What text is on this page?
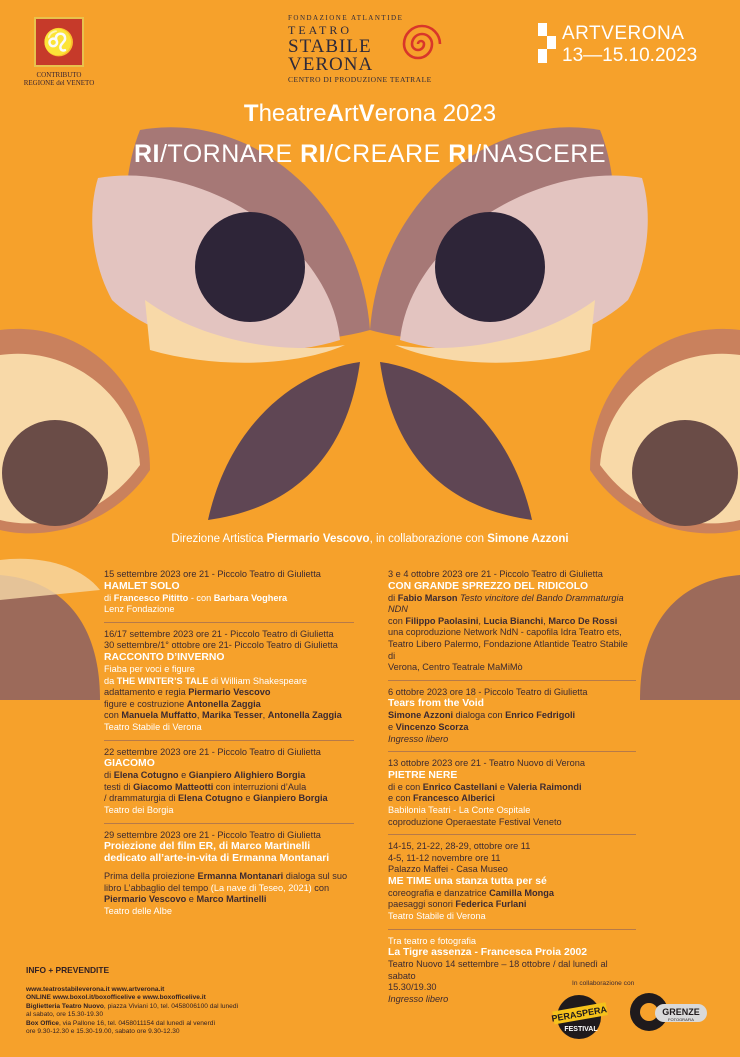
♌
CONTRIBUTO
REGIONE del VENETO
FONDAZIONE ATLANTIDE
TEATRO
STABILE
VERONA
CENTRO DI PRODUZIONE TEATRALE
ARTVERONA
13—15.10.2023
TheatreArtVerona 2023
RI/TORNARE RI/CREARE RI/NASCERE
Direzione Artistica Piermario Vescovo, in collaborazione con Simone Azzoni
15 settembre 2023 ore 21 - Piccolo Teatro di Giulietta
HAMLET SOLO
di Francesco Pititto - con Barbara Voghera
Lenz Fondazione
16/17 settembre 2023 ore 21 - Piccolo Teatro di Giulietta
30 settembre/1° ottobre ore 21- Piccolo Teatro di Giulietta
RACCONTO D’INVERNO
Fiaba per voci e figure
da THE WINTER’S TALE di William Shakespeare
adattamento e regia Piermario Vescovo
figure e costruzione Antonella Zaggia
con Manuela Muffatto, Marika Tesser, Antonella Zaggia
Teatro Stabile di Verona
22 settembre 2023 ore 21 - Piccolo Teatro di Giulietta
GIACOMO
di Elena Cotugno e Gianpiero Alighiero Borgia
testi di Giacomo Matteotti con interruzioni d’Aula
/ drammaturgia di Elena Cotugno e Gianpiero Borgia
Teatro dei Borgia
29 settembre 2023 ore 21 - Piccolo Teatro di Giulietta
Proiezione del film ER, di Marco Martinelli
dedicato all’arte-in-vita di Ermanna Montanari
Prima della proiezione Ermanna Montanari dialoga sul suo
libro L’abbaglio del tempo (La nave di Teseo, 2021) con
Piermario Vescovo e Marco Martinelli
Teatro delle Albe
3 e 4 ottobre 2023 ore 21 - Piccolo Teatro di Giulietta
CON GRANDE SPREZZO DEL RIDICOLO
di Fabio Marson Testo vincitore del Bando Drammaturgia NDN
con Filippo Paolasini, Lucia Bianchi, Marco De Rossi
una coproduzione Network NdN - capofila Idra Teatro ets,
Teatro Libero Palermo, Fondazione Atlantide Teatro Stabile di
Verona, Centro Teatrale MaMiMò
6 ottobre 2023 ore 18 - Piccolo Teatro di Giulietta
Tears from the Void
Simone Azzoni dialoga con Enrico Fedrigoli
e Vincenzo Scorza
Ingresso libero
13 ottobre 2023 ore 21 - Teatro Nuovo di Verona
PIETRE NERE
di e con Enrico Castellani e Valeria Raimondi
e con Francesco Alberici
Babilonia Teatri - La Corte Ospitale
coproduzione Operaestate Festival Veneto
14-15, 21-22, 28-29, ottobre ore 11
4-5, 11-12 novembre ore 11
Palazzo Maffei - Casa Museo
ME TIME una stanza tutta per sé
coreografia e danzatrice Camilla Monga
paesaggi sonori Federica Furlani
Teatro Stabile di Verona
Tra teatro e fotografia
La Tigre assenza - Francesca Proia 2002
Teatro Nuovo 14 settembre – 18 ottobre / dal lunedì al sabato
15.30/19.30
Ingresso libero
INFO + PREVENDITE
www.teatrostabileverona.it www.artverona.it
ONLINE www.boxol.it/boxofficelive e www.boxofficelive.it
Biglietteria Teatro Nuovo, piazza Viviani 10, tel. 0458006100 dal lunedì
al sabato, ore 15.30-19.30
Box Office, via Pallone 16, tel. 0458011154 dal lunedì al venerdì
ore 9.30-12.30 e 15.30-19.00, sabato ore 9.30-12.30
In collaborazione con
PERASPERA
FESTIVAL
GRENZE
FOTOGRAFIA
